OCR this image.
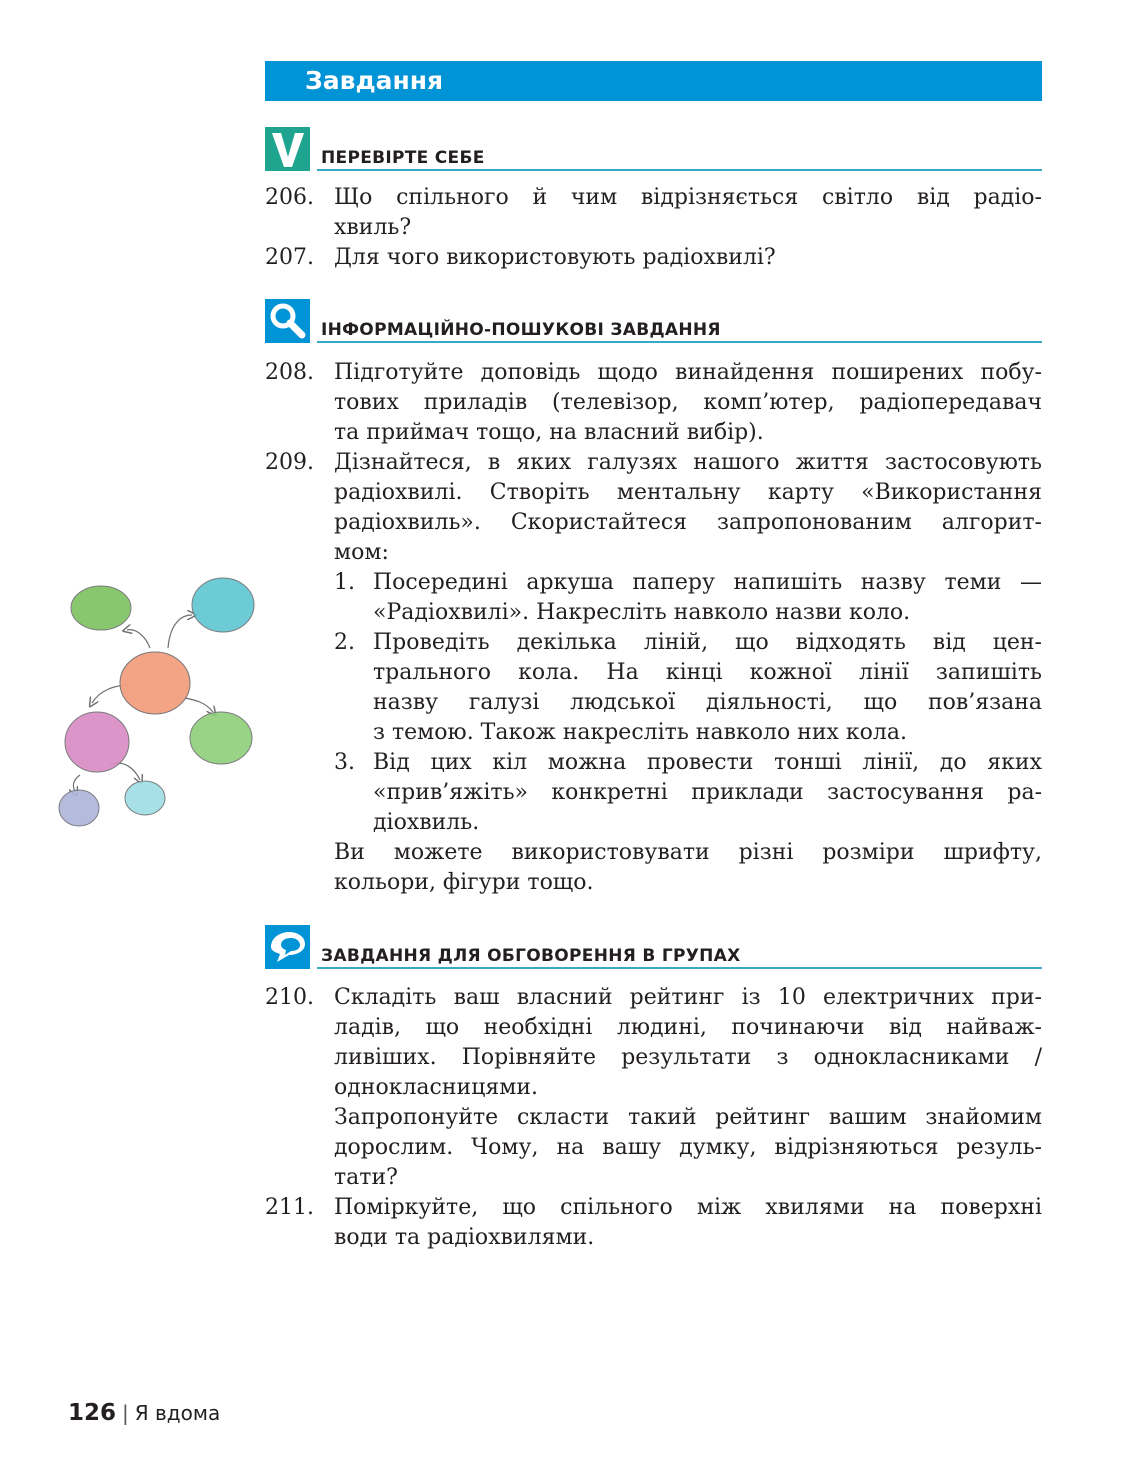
Завдання
ПЕРЕВІРТЕ СЕБЕ
206. Що спільного й чим відрізняється світло від радіо-
хвиль?
207. Для чого використовують радіохвилі?
ІНФОРМАЦІЙНО-ПОШУКОВІ ЗАВДАННЯ
208. Підготуйте доповідь щодо винайдення поширених побу-
тових приладів (телевізор, комп’ютер, радіопередавач
та приймач тощо, на власний вибір).
209. Дізнайтеся, в яких галузях нашого життя застосовують
радіохвилі. Створіть ментальну карту «Використання
радіохвиль». Скористайтеся запропонованим алгорит-
мом:
1. Посередині аркуша паперу напишіть назву теми —
«Радіохвилі». Накресліть навколо назви коло.
2. Проведіть декілька ліній, що відходять від цен-
трального кола. На кінці кожної лінії запишіть
назву галузі людської діяльності, що пов’язана
з темою. Також накресліть навколо них кола.
3. Від цих кіл можна провести тонші лінії, до яких
«прив’яжіть» конкретні приклади застосування ра-
діохвиль.
Ви можете використовувати різні розміри шрифту,
кольори, фігури тощо.
ЗАВДАННЯ ДЛЯ ОБГОВОРЕННЯ В ГРУПАХ
210. Складіть ваш власний рейтинг із 10 електричних при-
ладів, що необхідні людині, починаючи від найваж-
ливіших. Порівняйте результати з однокласниками /
однокласницями.
Запропонуйте скласти такий рейтинг вашим знайомим
дорослим. Чому, на вашу думку, відрізняються резуль-
тати?
211. Поміркуйте, що спільного між хвилями на поверхні
води та радіохвилями.
126 | Я вдома
